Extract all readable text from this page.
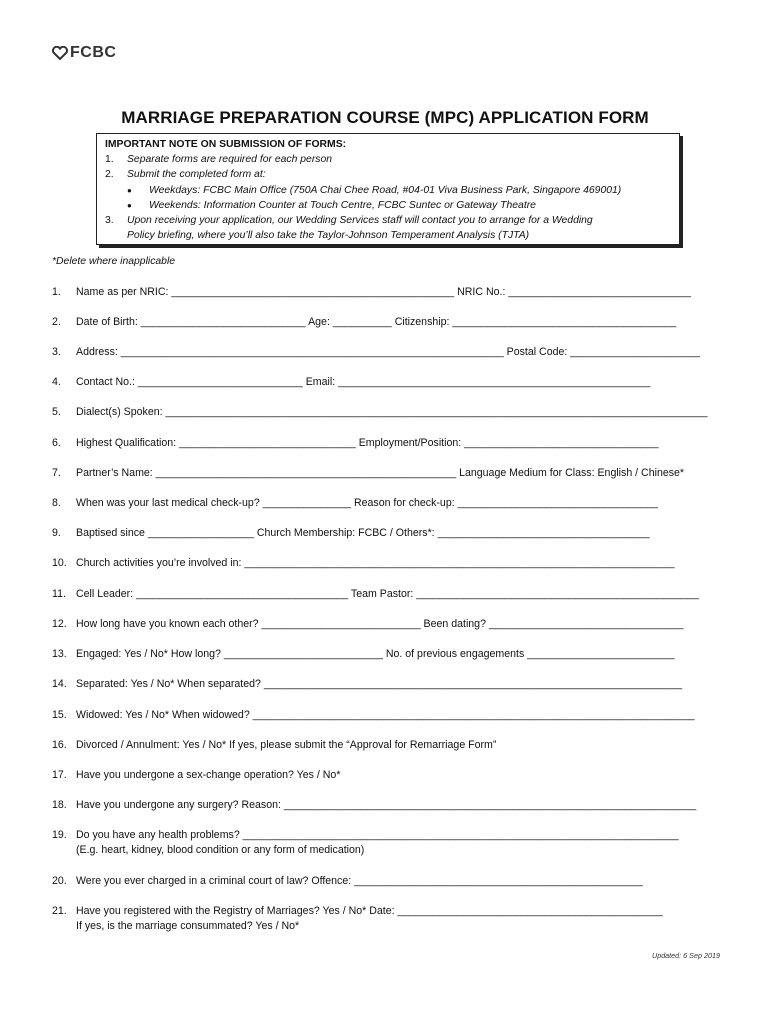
FCBC
MARRIAGE PREPARATION COURSE (MPC) APPLICATION FORM
IMPORTANT NOTE ON SUBMISSION OF FORMS:
1.	Separate forms are required for each person
2.	Submit the completed form at:
●	Weekdays: FCBC Main Office (750A Chai Chee Road, #04-01 Viva Business Park, Singapore 469001)
●	Weekends: Information Counter at Touch Centre, FCBC Suntec or Gateway Theatre
3.	Upon receiving your application, our Wedding Services staff will contact you to arrange for a Wedding
Policy briefing, where you’ll also take the Taylor-Johnson Temperament Analysis (TJTA)
*Delete where inapplicable
1. Name as per NRIC: ________________________________________________ NRIC No.: _______________________________
2. Date of Birth: ____________________________ Age: __________ Citizenship: ______________________________________
3. Address: _________________________________________________________________ Postal Code: ______________________
4. Contact No.: ____________________________ Email: _____________________________________________________
5. Dialect(s) Spoken: ____________________________________________________________________________________________
6. Highest Qualification: ______________________________ Employment/Position: _________________________________
7. Partner’s Name: ___________________________________________________ Language Medium for Class: English / Chinese*
8. When was your last medical check-up? _______________ Reason for check-up: __________________________________
9. Baptised since __________________ Church Membership: FCBC / Others*: ____________________________________
10. Church activities you’re involved in: _________________________________________________________________________
11. Cell Leader: ____________________________________ Team Pastor: ________________________________________________
12. How long have you known each other? ___________________________ Been dating? _________________________________
13. Engaged: Yes / No* How long? ___________________________ No. of previous engagements _________________________
14. Separated: Yes / No* When separated? _______________________________________________________________________
15. Widowed: Yes / No* When widowed? ___________________________________________________________________________
16. Divorced / Annulment: Yes / No* If yes, please submit the “Approval for Remarriage Form”
17. Have you undergone a sex-change operation? Yes / No*
18. Have you undergone any surgery? Reason: ______________________________________________________________________
19. Do you have any health problems? __________________________________________________________________________
(E.g. heart, kidney, blood condition or any form of medication)
20. Were you ever charged in a criminal court of law? Offence: _________________________________________________
21. Have you registered with the Registry of Marriages? Yes / No* Date: _____________________________________________
If yes, is the marriage consummated? Yes / No*
Updated: 6 Sep 2019
